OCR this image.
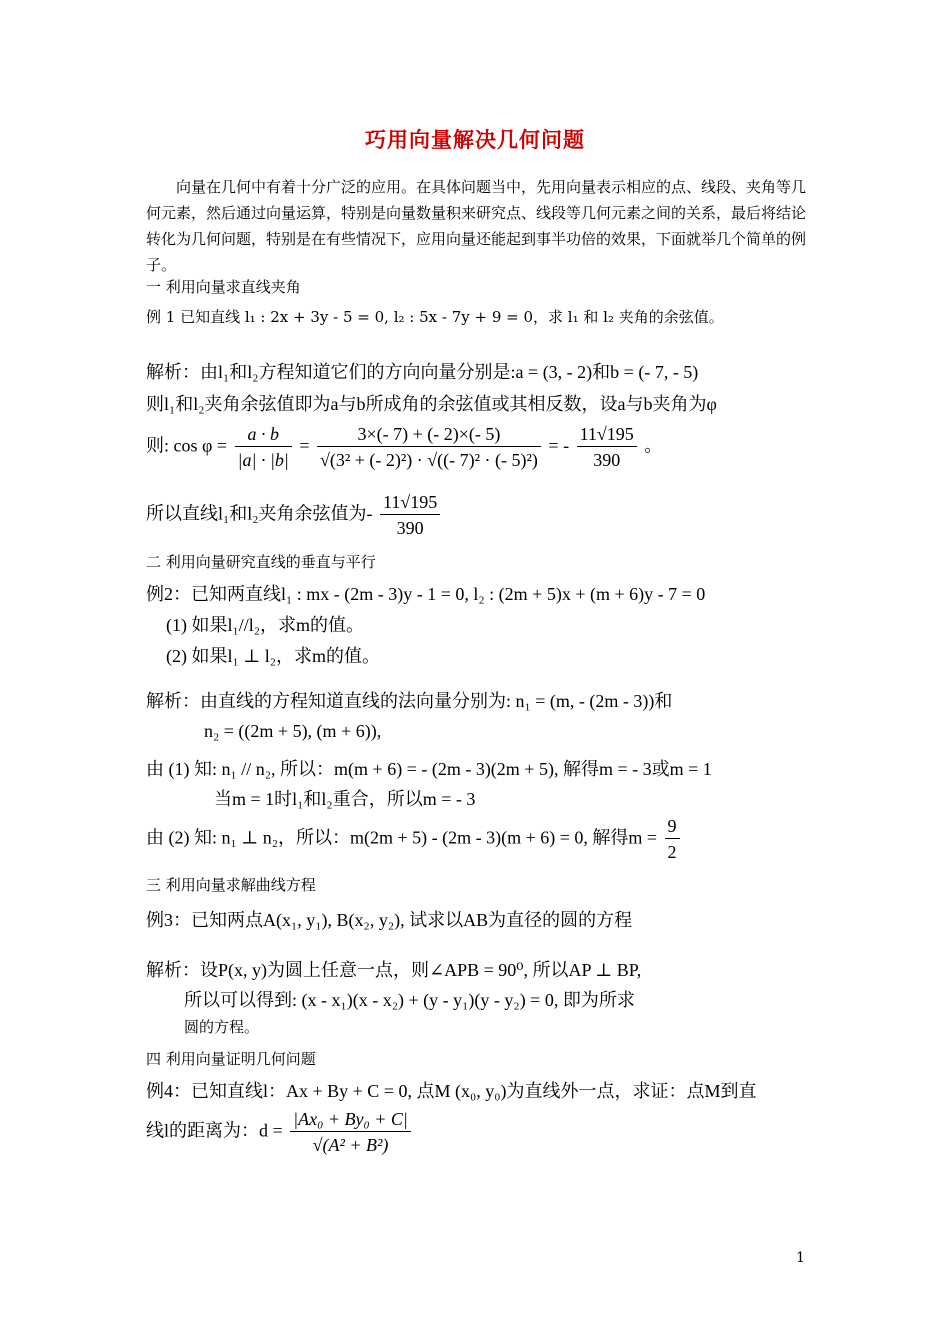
巧用向量解决几何问题
向量在几何中有着十分广泛的应用。在具体问题当中，先用向量表示相应的点、线段、夹角等几何元素，然后通过向量运算，特别是向量数量积来研究点、线段等几何元素之间的关系，最后将结论转化为几何问题，特别是在有些情况下，应用向量还能起到事半功倍的效果，下面就举几个简单的例子。
一 利用向量求直线夹角
例 1 已知直线 l₁ : 2x + 3y - 5 = 0, l₂ : 5x - 7y + 9 = 0，求 l₁ 和 l₂ 夹角的余弦值。
解析：由l₁和l₂方程知道它们的方向向量分别是:a = (3, - 2)和b = (- 7, - 5)
则l₁和l₂夹角余弦值即为a与b所成角的余弦值或其相反数，设a与b夹角为φ
则: $\cos \varphi = \frac{a \cdot b}{|a| \cdot |b|} = \frac{3\times(- 7) + (- 2)\times(- 5)}{\text{√(3² + (- 2)²) · √((- 7)² · (- 5)²)}}$ = - $\frac{11√195}{390}$ 。
所以直线l₁和l₂夹角余弦值为- $\frac{11√195}{390}$
二 利用向量研究直线的垂直与平行
例2：已知两直线l₁ : mx - (2m - 3)y - 1 = 0, l₂ : (2m + 5)x + (m + 6)y - 7 = 0
(1) 如果l₁//l₂，求m的值。
(2) 如果l₁ ⊥ l₂，求m的值。
解析：由直线的方程知道直线的法向量分别为: n₁ = (m, - (2m - 3))和
n₂ = ((2m + 5), (m + 6)),
由 (1) 知: n₁ // n₂, 所以：m(m + 6) = - (2m - 3)(2m + 5), 解得m = - 3或m = 1
当m = 1时l₁和l₂重合，所以m = - 3
由 (2) 知: n₁ ⊥ n₂，所以：m(2m + 5) - (2m - 3)(m + 6) = 0, 解得$m = \frac{9}{2}$
三 利用向量求解曲线方程
例3：已知两点A(x₁, y₁), B(x₂, y₂), 试求以AB为直径的圆的方程
解析：设P(x, y)为圆上任意一点，则∠APB = 90⁰, 所以AP ⊥ BP,
所以可以得到: (x - x₁)(x - x₂) + (y - y₁)(y - y₂) = 0, 即为所求
圆的方程。
四 利用向量证明几何问题
例4：已知直线l：Ax + By + C = 0, 点M (x₀, y₀)为直线外一点，求证：点M到直
线l的距离为：$d = \frac{\text{|Ax₀ + By₀ + C|}}{\text{√(A² + B²)}}$
1
